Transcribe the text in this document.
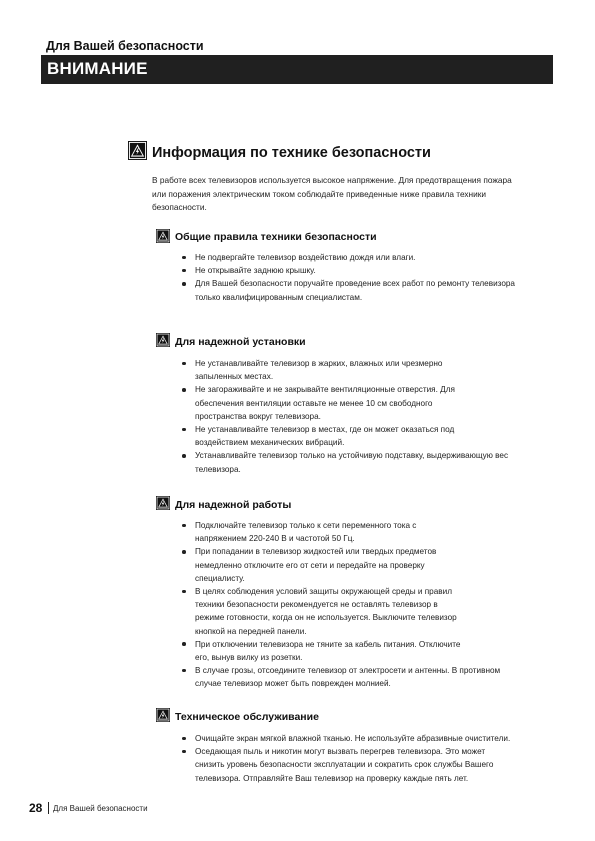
Для Вашей безопасности
ВНИМАНИЕ
Информация по технике безопасности
В работе всех телевизоров используется высокое напряжение. Для предотвращения пожара
или поражения электрическим током соблюдайте приведенные ниже правила техники
безопасности.
Общие правила техники безопасности
Не подвергайте телевизор воздействию дождя или влаги.
Не открывайте заднюю крышку.
Для Вашей безопасности поручайте проведение всех работ по ремонту телевизора
только квалифицированным специалистам.
Для надежной установки
Не устанавливайте телевизор в жарких, влажных или чрезмерно
запыленных местах.
Не загораживайте и не закрывайте вентиляционные отверстия. Для
обеспечения вентиляции оставьте не менее 10 см свободного
пространства вокруг телевизора.
Не устанавливайте телевизор в местах, где он может оказаться под
воздействием механических вибраций.
Устанавливайте телевизор только на устойчивую подставку, выдерживающую вес
телевизора.
Для надежной работы
Подключайте телевизор только к сети переменного тока с
напряжением 220-240 В и частотой 50 Гц.
При попадании в телевизор жидкостей или твердых предметов
немедленно отключите его от сети и передайте на проверку
специалисту.
В целях соблюдения условий защиты окружающей среды и правил
техники безопасности рекомендуется не оставлять телевизор в
режиме готовности, когда он не используется. Выключите телевизор
кнопкой на передней панели.
При отключении телевизора не тяните за кабель питания. Отключите
его, вынув вилку из розетки.
В случае грозы, отсоедините телевизор от электросети и антенны. В противном
случае телевизор может быть поврежден молнией.
Техническое обслуживание
Очищайте экран мягкой влажной тканью. Не используйте абразивные очистители.
Оседающая пыль и никотин могут вызвать перегрев телевизора. Это может
снизить уровень безопасности эксплуатации и сократить срок службы Вашего
телевизора. Отправляйте Ваш телевизор на проверку каждые пять лет.
28 Для Вашей безопасности
